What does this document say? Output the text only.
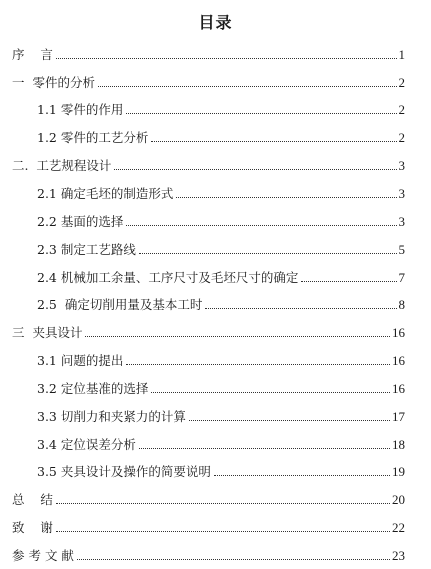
目录
序    言	1
一  零件的分析	2
1.1 零件的作用	2
1.2 零件的工艺分析	2
二.  工艺规程设计	3
2.1 确定毛坯的制造形式	3
2.2 基面的选择	3
2.3 制定工艺路线	5
2.4 机械加工余量、工序尺寸及毛坯尺寸的确定	7
2.5  确定切削用量及基本工时	8
三  夹具设计	16
3.1 问题的提出	16
3.2 定位基准的选择	16
3.3 切削力和夹紧力的计算	17
3.4 定位误差分析	18
3.5 夹具设计及操作的简要说明	19
总    结	20
致    谢	22
参 考 文 献	23
